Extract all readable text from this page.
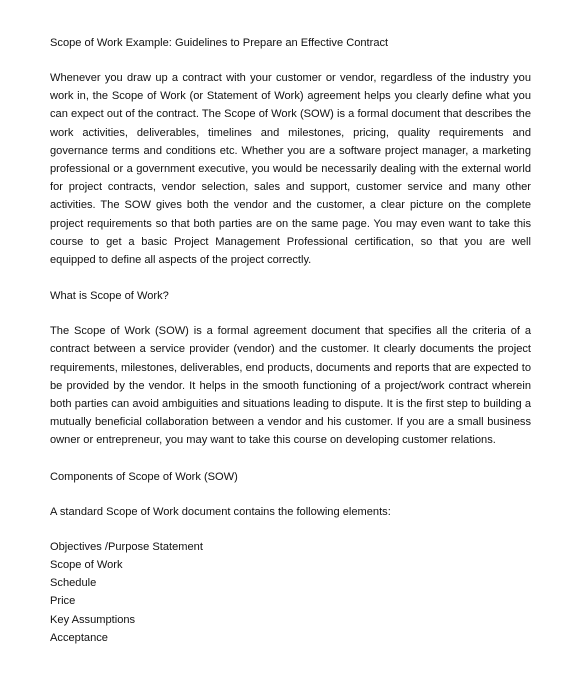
Scope of Work Example: Guidelines to Prepare an Effective Contract

Whenever you draw up a contract with your customer or vendor, regardless of the industry you work in, the Scope of Work (or Statement of Work) agreement helps you clearly define what you can expect out of the contract. The Scope of Work (SOW) is a formal document that describes the work activities, deliverables, timelines and milestones, pricing, quality requirements and governance terms and conditions etc. Whether you are a software project manager, a marketing professional or a government executive, you would be necessarily dealing with the external world for project contracts, vendor selection, sales and support, customer service and many other activities. The SOW gives both the vendor and the customer, a clear picture on the complete project requirements so that both parties are on the same page. You may even want to take this course to get a basic Project Management Professional certification, so that you are well equipped to define all aspects of the project correctly.

What is Scope of Work?

The Scope of Work (SOW) is a formal agreement document that specifies all the criteria of a contract between a service provider (vendor) and the customer. It clearly documents the project requirements, milestones, deliverables, end products, documents and reports that are expected to be provided by the vendor. It helps in the smooth functioning of a project/work contract wherein both parties can avoid ambiguities and situations leading to dispute. It is the first step to building a mutually beneficial collaboration between a vendor and his customer. If you are a small business owner or entrepreneur, you may want to take this course on developing customer relations.

Components of Scope of Work (SOW)

A standard Scope of Work document contains the following elements:

Objectives /Purpose Statement
Scope of Work
Schedule
Price
Key Assumptions
Acceptance
